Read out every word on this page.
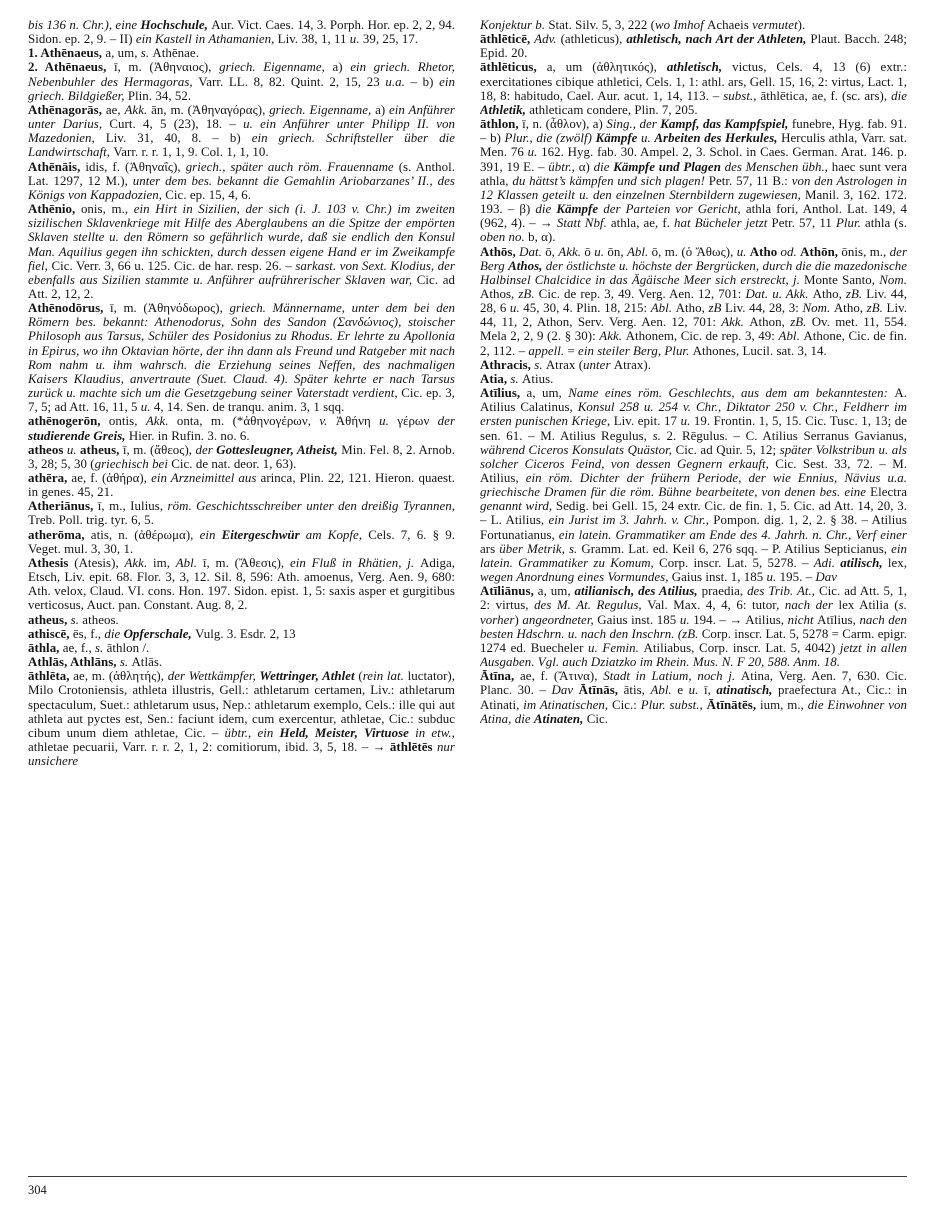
bis 136 n. Chr.), eine Hochschule, Aur. Vict. Caes. 14, 3. Porph. Hor. ep. 2, 2, 94. Sidon. ep. 2, 9. – II) ein Kastell in Athamanien, Liv. 38, 1, 11 u. 39, 25, 17.

1. Athēnaeus, a, um, s. Athēnae.

2. Athēnaeus, ī, m. (Ἀθηναιος), griech. Eigenname, a) ein griech. Rhetor, Nebenbuhler des Hermagoras, Varr. LL. 8, 82. Quint. 2, 15, 23 u.a. – b) ein griech. Bildgießer, Plin. 34, 52.

Athēnagorās, ae, Akk. ān, m. (Ἀθηναγόρας), griech. Eigenname, a) ein Anführer unter Darius, Curt. 4, 5 (23), 18. – u. ein Anführer unter Philipp II. von Mazedonien, Liv. 31, 40, 8. – b) ein griech. Schriftsteller über die Landwirtschaft, Varr. r. r. 1, 1, 9. Col. 1, 1, 10.

Athēnāis, idis, f. (Ἀθηναΐς), griech., später auch röm. Frauenname (s. Anthol. Lat. 1297, 12 M.), unter dem bes. bekannt die Gemahlin Ariobarzanes’ II., des Königs von Kappadozien, Cic. ep. 15, 4, 6.

Athēnio, onis, m., ein Hirt in Sizilien, der sich (i. J. 103 v. Chr.) im zweiten sizilischen Sklavenkriege mit Hilfe des Aberglaubens an die Spitze der empörten Sklaven stellte u. den Römern so gefährlich wurde, daß sie endlich den Konsul Man. Aquilius gegen ihn schickten, durch dessen eigene Hand er im Zweikampfe fiel, Cic. Verr. 3, 66 u. 125. Cic. de har. resp. 26. – sarkast. von Sext. Klodius, der ebenfalls aus Sizilien stammte u. Anführer aufrührerischer Sklaven war, Cic. ad Att. 2, 12, 2.

Athēnodōrus, ī, m. (Ἀθηνόδωρος), griech. Männername, unter dem bei den Römern bes. bekannt: Athenodorus, Sohn des Sandon (Σανδώνιος), stoischer Philosoph aus Tarsus, Schüler des Posidonius zu Rhodus. Er lehrte zu Apollonia in Epirus, wo ihn Oktavian hörte, der ihn dann als Freund und Ratgeber mit nach Rom nahm u. ihm wahrsch. die Erziehung seines Neffen, des nachmaligen Kaisers Klaudius, anvertraute (Suet. Claud. 4). Später kehrte er nach Tarsus zurück u. machte sich um die Gesetzgebung seiner Vaterstadt verdient, Cic. ep. 3, 7, 5; ad Att. 16, 11, 5 u. 4, 14. Sen. de tranqu. anim. 3, 1 sqq.

athēnogerōn, ontis, Akk. onta, m. (*ἀθηνογέρων, v. Ἀθήνη u. γέρων der studierende Greis, Hier. in Rufin. 3. no. 6.

atheos u. atheus, ī, m. (ἄθεος), der Gottesleugner, Atheist, Min. Fel. 8, 2. Arnob. 3, 28; 5, 30 (griechisch bei Cic. de nat. deor. 1, 63).

athēra, ae, f. (ἀθήρα), ein Arzneimittel aus arinca, Plin. 22, 121. Hieron. quaest. in genes. 45, 21.

Atheriānus, ī, m., Iulius, röm. Geschichtsschreiber unter den dreißig Tyrannen, Treb. Poll. trig. tyr. 6, 5.

atherōma, atis, n. (ἀθέρωμα), ein Eitergeschwür am Kopfe, Cels. 7, 6. § 9. Veget. mul. 3, 30, 1.

Athesis (Atesis), Akk. im, Abl. ī, m. (Ἄθεσις), ein Fluß in Rhätien, j. Adiga, Etsch, Liv. epit. 68. Flor. 3, 3, 12. Sil. 8, 596: Ath. amoenus, Verg. Aen. 9, 680: Ath. velox, Claud. VI. cons. Hon. 197. Sidon. epist. 1, 5: saxis asper et gurgitibus verticosus, Auct. pan. Constant. Aug. 8, 2.

atheus, s. atheos.

athiscē, ēs, f., die Opferschale, Vulg. 3. Esdr. 2, 13

āthla, ae, f., s. āthlon /.

Athlās, Athlāns, s. Atlās.

āthlēta, ae, m. (ἀθλητής), der Wettkämpfer, Wettringer, Athlet (rein lat. luctator), Milo Crotoniensis, athleta illustris, Gell.: athletarum certamen, Liv.: athletarum spectaculum, Suet.: athletarum usus, Nep.: athletarum exemplo, Cels.: ille qui aut athleta aut pyctes est, Sen.: faciunt idem, cum exercentur, athletae, Cic.: subduc cibum unum diem athletae, Cic. – übtr., ein Held, Meister, Virtuose in etw., athletae pecuarii, Varr. r. r. 2, 1, 2: comitiorum, ibid. 3, 5, 18. – → āthlētēs nur unsichere

Konjektur b. Stat. Silv. 5, 3, 222 (wo Imhof Achaeis vermutet).

āthlēticē, Adv. (athleticus), athletisch, nach Art der Athleten, Plaut. Bacch. 248; Epid. 20.

āthlēticus, a, um (ἀθλητικός), athletisch, victus, Cels. 4, 13 (6) extr.: exercitationes cibique athletici, Cels. 1, 1: athl. ars, Gell. 15, 16, 2: virtus, Lact. 1, 18, 8: habitudo, Cael. Aur. acut. 1, 14, 113. – subst., āthlētica, ae, f. (sc. ars), die Athletik, athleticam condere, Plin. 7, 205.

āthlon, ī, n. (ἆθλον), a) Sing., der Kampf, das Kampfspiel, funebre, Hyg. fab. 91. – b) Plur., die (zwölf) Kämpfe u. Arbeiten des Herkules, Herculis athla, Varr. sat. Men. 76 u. 162. Hyg. fab. 30. Ampel. 2, 3. Schol. in Caes. German. Arat. 146. p. 391, 19 E. – übtr., α) die Kämpfe und Plagen des Menschen übh., haec sunt vera athla, du hättst’s kämpfen und sich plagen! Petr. 57, 11 B.: von den Astrologen in 12 Klassen geteilt u. den einzelnen Sternbildern zugewiesen, Manil. 3, 162. 172. 193. – β) die Kämpfe der Parteien vor Gericht, athla fori, Anthol. Lat. 149, 4 (962, 4). – → Statt Nbf. athla, ae, f. hat Bücheler jetzt Petr. 57, 11 Plur. athla (s. oben no. b, α).

Athōs, Dat. ō, Akk. ō u. ōn, Abl. ō, m. (ὁ Ἄθως), u. Atho od. Athōn, ōnis, m., der Berg Athos, der östlichste u. höchste der Bergrücken, durch die die mazedonische Halbinsel Chalcidice in das Ägäische Meer sich erstreckt, j. Monte Santo, Nom. Athos, zB. Cic. de rep. 3, 49. Verg. Aen. 12, 701: Dat. u. Akk. Atho, zB. Liv. 44, 28, 6 u. 45, 30, 4. Plin. 18, 215: Abl. Atho, zB Liv. 44, 28, 3: Nom. Atho, zB. Liv. 44, 11, 2, Athon, Serv. Verg. Aen. 12, 701: Akk. Athon, zB. Ov. met. 11, 554. Mela 2, 2, 9 (2. § 30): Akk. Athonem, Cic. de rep. 3, 49: Abl. Athone, Cic. de fin. 2, 112. – appell. = ein steiler Berg, Plur. Athones, Lucil. sat. 3, 14.

Athracis, s. Atrax (unter Atrax).

Atia, s. Atius.

Atīlius, a, um, Name eines röm. Geschlechts, aus dem am bekanntesten: A. Atilius Calatinus, Konsul 258 u. 254 v. Chr., Diktator 250 v. Chr., Feldherr im ersten punischen Kriege, Liv. epit. 17 u. 19. Frontin. 1, 5, 15. Cic. Tusc. 1, 13; de sen. 61. – M. Atilius Regulus, s. 2. Rēgulus. – C. Atilius Serranus Gavianus, während Ciceros Konsulats Quästor, Cic. ad Quir. 5, 12; später Volkstribun u. als solcher Ciceros Feind, von dessen Gegnern erkauft, Cic. Sest. 33, 72. – M. Atilius, ein röm. Dichter der frühern Periode, der wie Ennius, Nävius u.a. griechische Dramen für die röm. Bühne bearbeitete, von denen bes. eine Electra genannt wird, Sedig. bei Gell. 15, 24 extr. Cic. de fin. 1, 5. Cic. ad Att. 14, 20, 3. – L. Atilius, ein Jurist im 3. Jahrh. v. Chr., Pompon. dig. 1, 2, 2. § 38. – Atilius Fortunatianus, ein latein. Grammatiker am Ende des 4. Jahrh. n. Chr., Verf einer ars über Metrik, s. Gramm. Lat. ed. Keil 6, 276 sqq. – P. Atilius Septicianus, ein latein. Grammatiker zu Komum, Corp. inscr. Lat. 5, 5278. – Adi. atilisch, lex, wegen Anordnung eines Vormundes, Gaius inst. 1, 185 u. 195. – Dav

Atīliānus, a, um, atilianisch, des Atilius, praedia, des Trib. At., Cic. ad Att. 5, 1, 2: virtus, des M. At. Regulus, Val. Max. 4, 4, 6: tutor, nach der lex Atilia (s. vorher) angeordneter, Gaius inst. 185 u. 194. – → Atilius, nicht Atīlius, nach den besten Hdschrn. u. nach den Inschrn. (zB. Corp. inscr. Lat. 5, 5278 = Carm. epigr. 1274 ed. Buecheler u. Femin. Atiliabus, Corp. inscr. Lat. 5, 4042) jetzt in allen Ausgaben. Vgl. auch Dziatzko im Rhein. Mus. N. F 20, 588. Anm. 18.

Ātīna, ae, f. (Ἄτινα), Stadt in Latium, noch j. Atina, Verg. Aen. 7, 630. Cic. Planc. 30. – Dav Ātīnās, ātis, Abl. e u. ī, atinatisch, praefectura At., Cic.: in Atinati, im Atinatischen, Cic.: Plur. subst., Ātīnātēs, ium, m., die Einwohner von Atina, die Atinaten, Cic.

304
